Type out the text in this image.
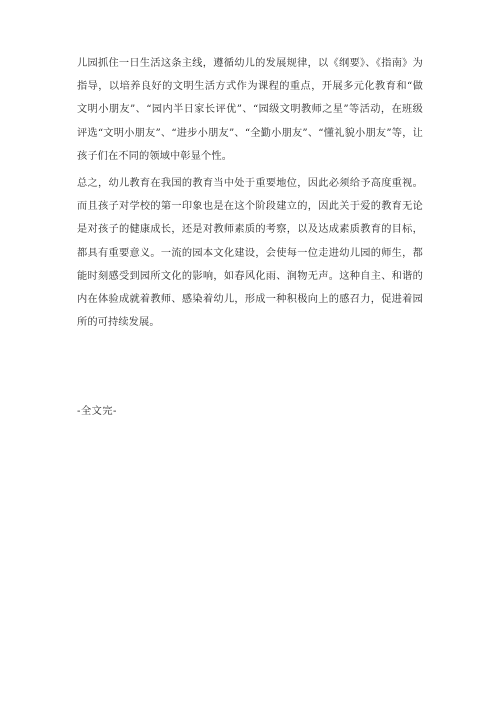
儿园抓住一日生活这条主线，遵循幼儿的发展规律，以《纲要》、《指南》为指导，以培养良好的文明生活方式作为课程的重点，开展多元化教育和“做文明小朋友”、“园内半日家长评优”、“园级文明教师之星”等活动，在班级评选“文明小朋友”、“进步小朋友”、“全勤小朋友”、“懂礼貌小朋友”等，让孩子们在不同的领域中彰显个性。

总之，幼儿教育在我国的教育当中处于重要地位，因此必须给予高度重视。而且孩子对学校的第一印象也是在这个阶段建立的，因此关于爱的教育无论是对孩子的健康成长，还是对教师素质的考察，以及达成素质教育的目标，都具有重要意义。一流的园本文化建设，会使每一位走进幼儿园的师生，都能时刻感受到园所文化的影响，如春风化雨、润物无声。这种自主、和谐的内在体验成就着教师、感染着幼儿，形成一种积极向上的感召力，促进着园所的可持续发展。

-全文完-
